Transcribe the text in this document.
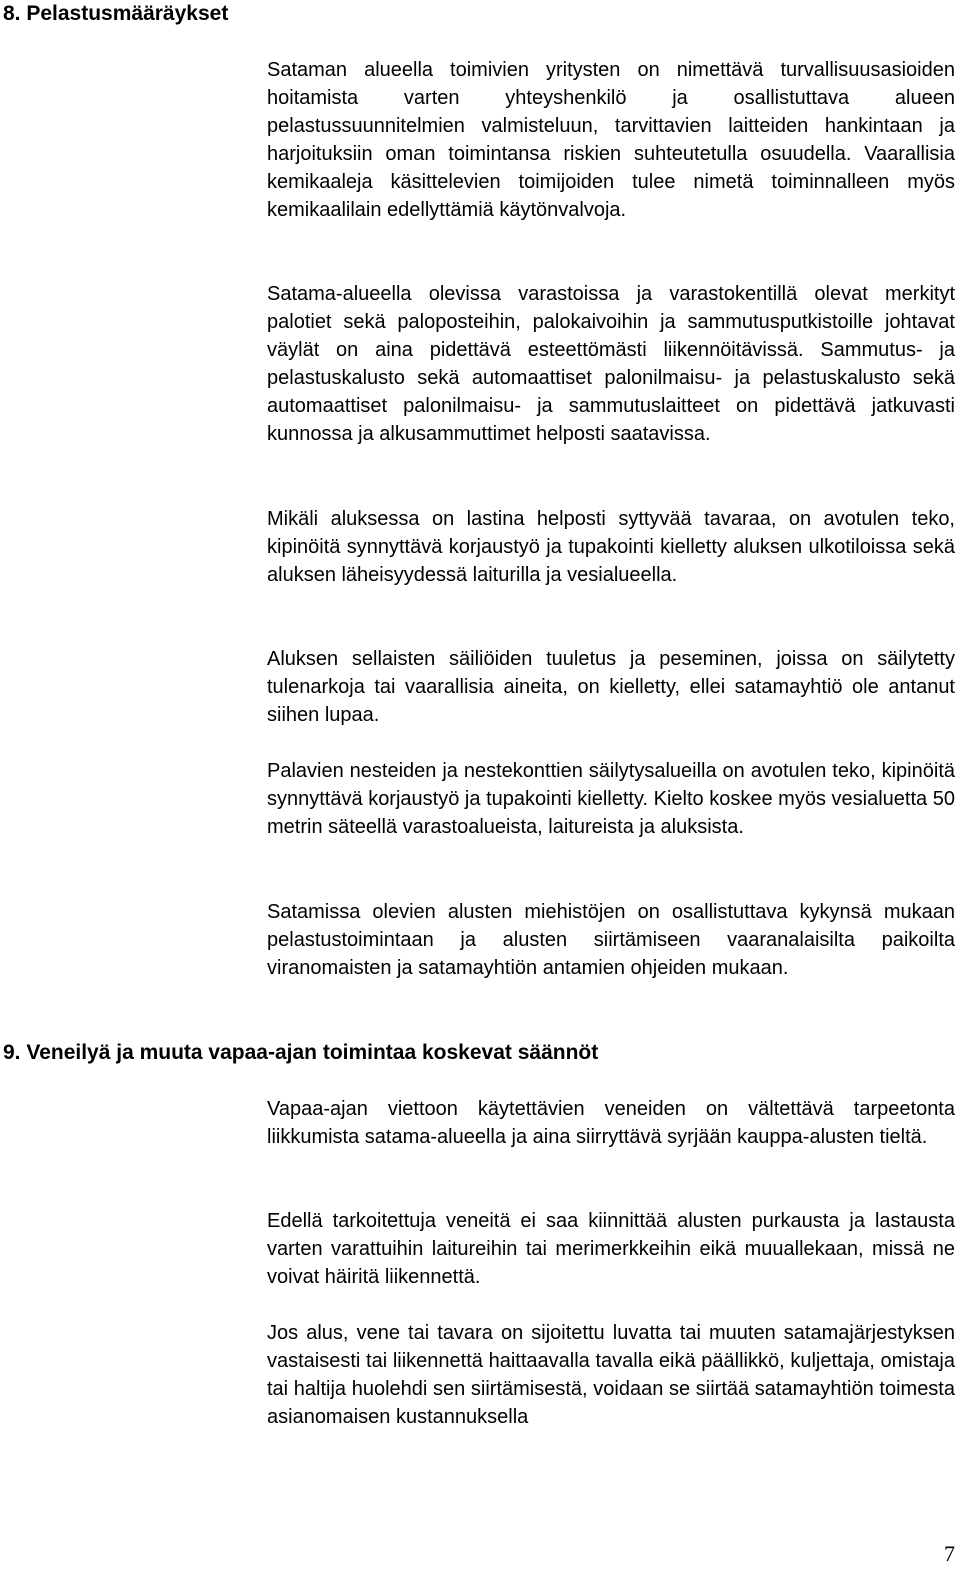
8. Pelastusmääräykset

Sataman alueella toimivien yritysten on nimettävä turvallisuusasioiden hoitamista varten yhteyshenkilö ja osallistuttava alueen pelastussuunnitelmien valmisteluun, tarvittavien laitteiden hankintaan ja harjoituksiin oman toimintansa riskien suhteutetulla osuudella. Vaarallisia kemikaaleja käsittelevien toimijoiden tulee nimetä toiminnalleen myös kemikaalilain edellyttämiä käytönvalvoja.

Satama-alueella olevissa varastoissa ja varastokentillä olevat merkityt palotiet sekä paloposteihin, palokaivoihin ja sammutusputkistoille johtavat väylät on aina pidettävä esteettömästi liikennöitävissä. Sammutus- ja pelastuskalusto sekä automaattiset palonilmaisu- ja pelastuskalusto sekä automaattiset palonilmaisu- ja sammutuslaitteet on pidettävä jatkuvasti kunnossa ja alkusammuttimet helposti saatavissa.

Mikäli aluksessa on lastina helposti syttyvää tavaraa, on avotulen teko, kipinöitä synnyttävä korjaustyö ja tupakointi kielletty aluksen ulkotiloissa sekä aluksen läheisyydessä laiturilla ja vesialueella.

Aluksen sellaisten säiliöiden tuuletus ja peseminen, joissa on säilytetty tulenarkoja tai vaarallisia aineita, on kielletty, ellei satamayhtiö ole antanut siihen lupaa.

Palavien nesteiden ja nestekonttien säilytysalueilla on avotulen teko, kipinöitä synnyttävä korjaustyö ja tupakointi kielletty. Kielto koskee myös vesialuetta 50 metrin säteellä varastoalueista, laitureista ja aluksista.

Satamissa olevien alusten miehistöjen on osallistuttava kykynsä mukaan pelastustoimintaan ja alusten siirtämiseen vaaranalaisilta paikoilta viranomaisten ja satamayhtiön antamien ohjeiden mukaan.

9. Veneilyä ja muuta vapaa-ajan toimintaa koskevat säännöt

Vapaa-ajan viettoon käytettävien veneiden on vältettävä tarpeetonta liikkumista satama-alueella ja aina siirryttävä syrjään kauppa-alusten tieltä.

Edellä tarkoitettuja veneitä ei saa kiinnittää alusten purkausta ja lastausta varten varattuihin laitureihin tai merimerkkeihin eikä muuallekaan, missä ne voivat häiritä liikennettä.

Jos alus, vene tai tavara on sijoitettu luvatta tai muuten satamajärjestyksen vastaisesti tai liikennettä haittaavalla tavalla eikä päällikkö, kuljettaja, omistaja tai haltija huolehdi sen siirtämisestä, voidaan se siirtää satamayhtiön toimesta asianomaisen kustannuksella

7
